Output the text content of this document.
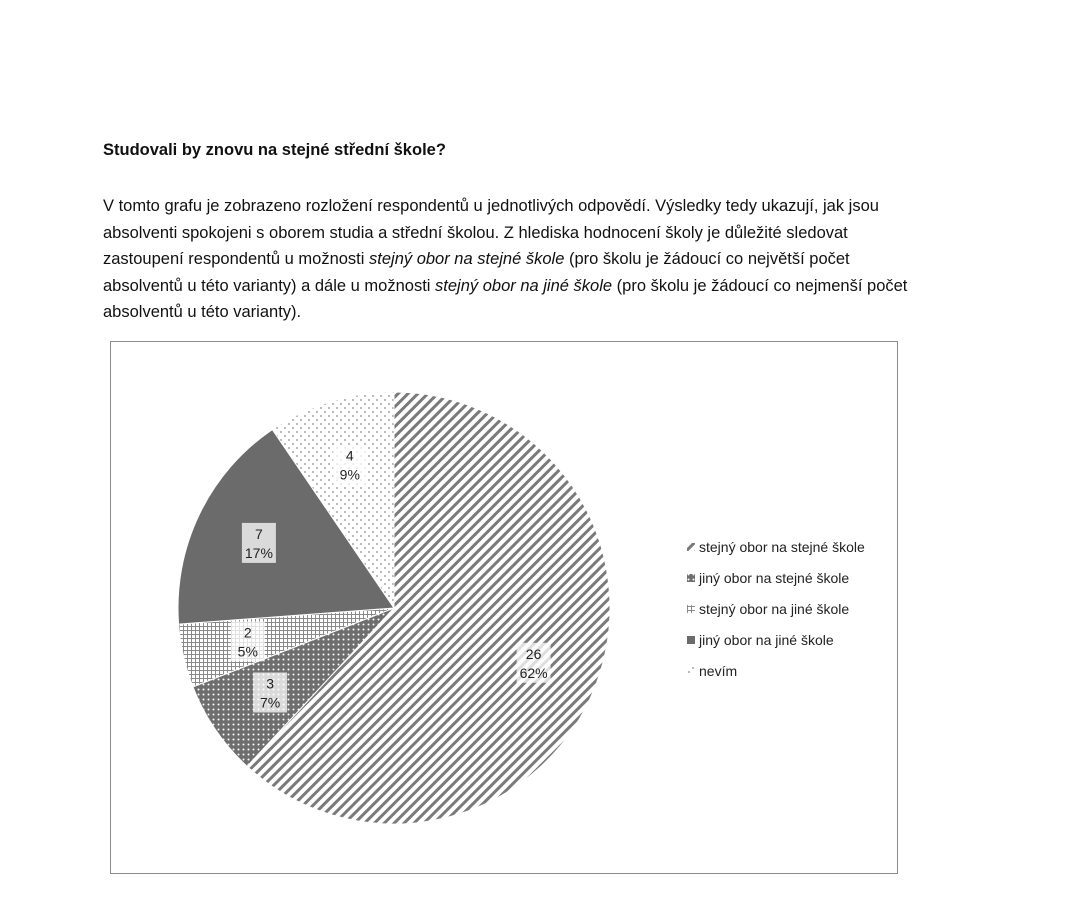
Studovali by znovu na stejné střední škole?

V tomto grafu je zobrazeno rozložení respondentů u jednotlivých odpovědí. Výsledky tedy ukazují, jak jsou absolventi spokojeni s oborem studia a střední školou. Z hlediska hodnocení školy je důležité sledovat zastoupení respondentů u možnosti stejný obor na stejné škole (pro školu je žádoucí co největší počet absolventů u této varianty) a dále u možnosti stejný obor na jiné škole (pro školu je žádoucí co nejmenší počet absolventů u této varianty).

26
62%
3
7%
2
5%
7
17%
4
9%
stejný obor na stejné škole
jiný obor na stejné škole
stejný obor na jiné škole
jiný obor na jiné škole
nevím
